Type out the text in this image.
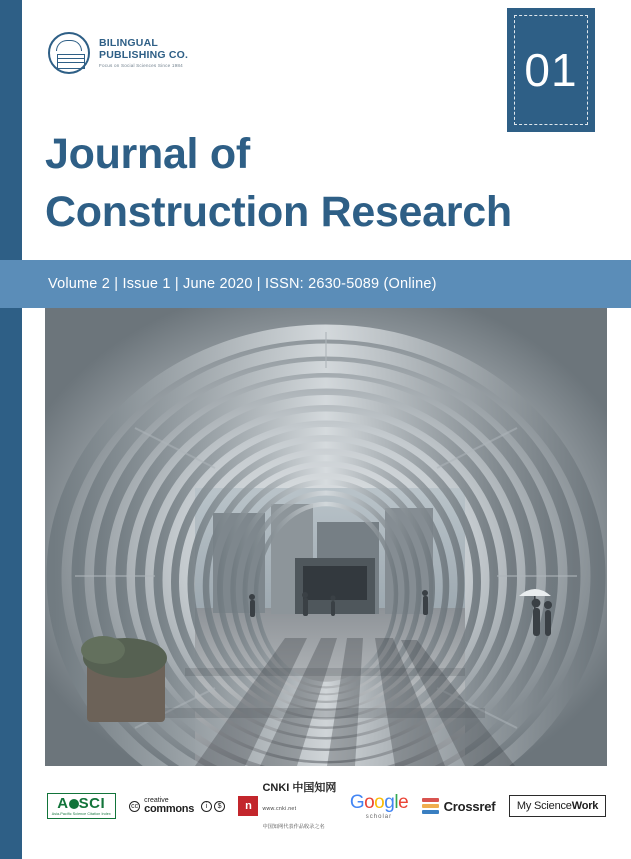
BILINGUAL
PUBLISHING CO.
Focus on Social Sciences Since 1984	01
Journal of
Construction Research
Volume 2 | Issue 1 | June 2020 | ISSN: 2630-5089 (Online)
A SCI
Asia-Pacific Science Citation Index
cc
creative
commons	i	$	n
CNKI 中国知网
www.cnki.net
中国知网代表作品收录之名
Google
scholar
Crossref	My ScienceWork
